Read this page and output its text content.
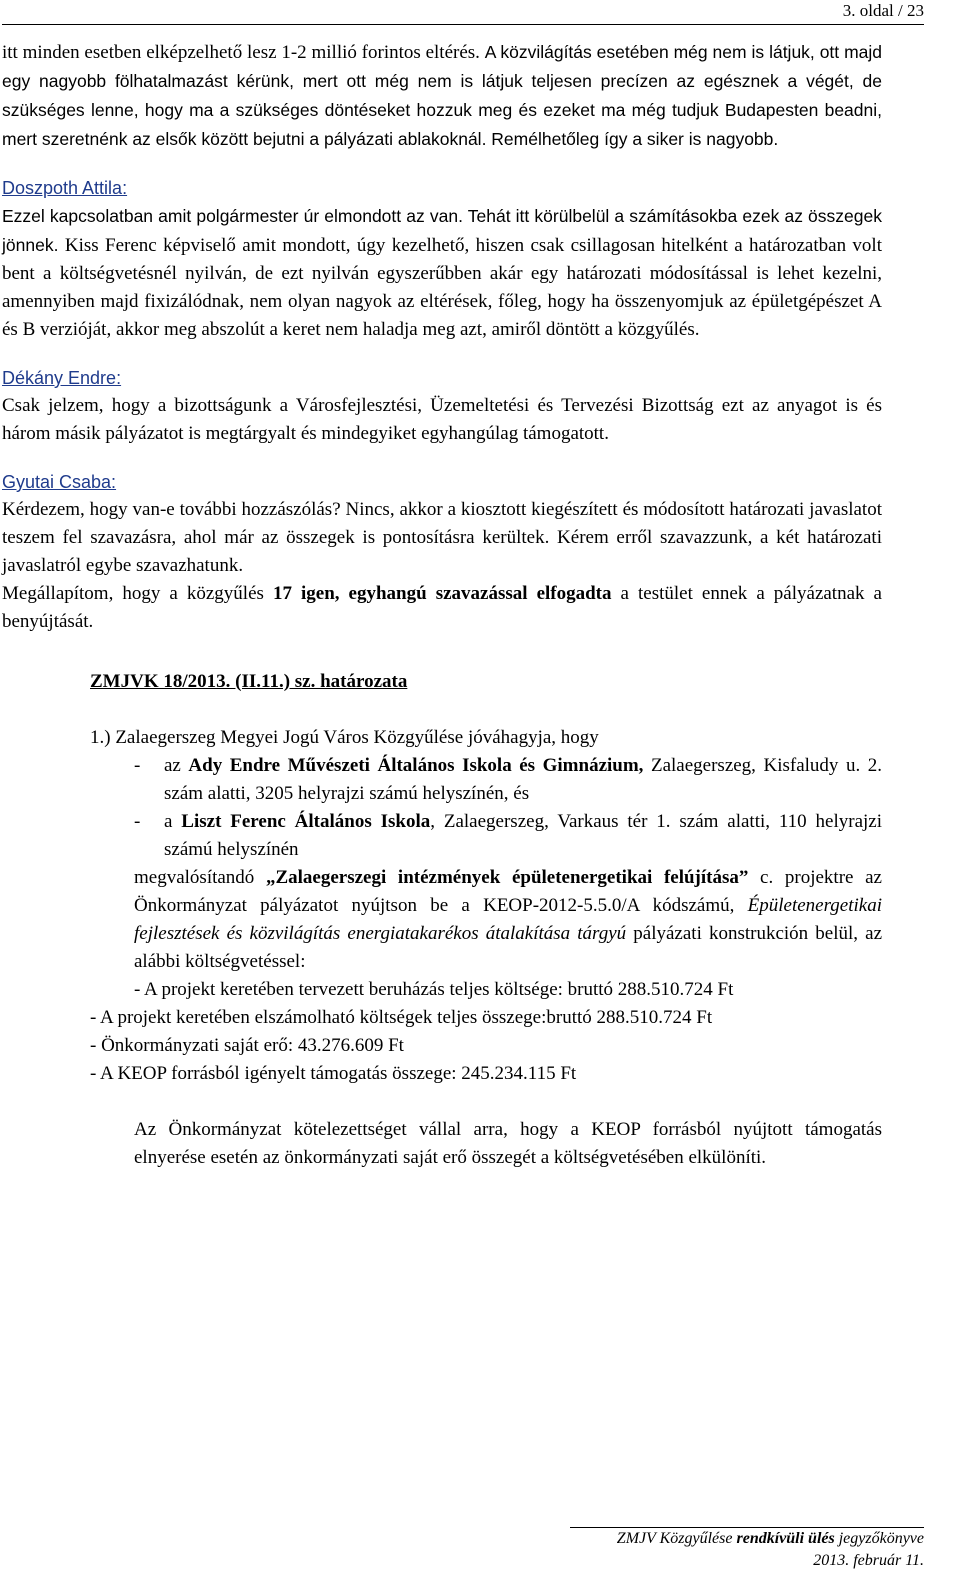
3. oldal / 23

itt minden esetben elképzelhető lesz 1-2 millió forintos eltérés. A közvilágítás esetében még nem is látjuk, ott majd egy nagyobb fölhatalmazást kérünk, mert ott még nem is látjuk teljesen precízen az egésznek a végét, de szükséges lenne, hogy ma a szükséges döntéseket hozzuk meg és ezeket ma még tudjuk Budapesten beadni, mert szeretnénk az elsők között bejutni a pályázati ablakoknál. Remélhetőleg így a siker is nagyobb.

Doszpoth Attila:

Ezzel kapcsolatban amit polgármester úr elmondott az van. Tehát itt körülbelül a számításokba ezek az összegek jönnek. Kiss Ferenc képviselő amit mondott, úgy kezelhető, hiszen csak csillagosan hitelként a határozatban volt bent a költségvetésnél nyilván, de ezt nyilván egyszerűbben akár egy határozati módosítással is lehet kezelni, amennyiben majd fixizálódnak, nem olyan nagyok az eltérések, főleg, hogy ha összenyomjuk az épületgépészet A és B verzióját, akkor meg abszolút a keret nem haladja meg azt, amiről döntött a közgyűlés.

Dékány Endre:

Csak jelzem, hogy a bizottságunk a Városfejlesztési, Üzemeltetési és Tervezési Bizottság ezt az anyagot is és három másik pályázatot is megtárgyalt és mindegyiket egyhangúlag támogatott.

Gyutai Csaba:

Kérdezem, hogy van-e további hozzászólás? Nincs, akkor a kiosztott kiegészített és módosított határozati javaslatot teszem fel szavazásra, ahol már az összegek is pontosításra kerültek. Kérem erről szavazzunk, a két határozati javaslatról egybe szavazhatunk.

Megállapítom, hogy a közgyűlés 17 igen, egyhangú szavazással elfogadta a testület ennek a pályázatnak a benyújtását.

ZMJVK 18/2013. (II.11.) sz. határozata

1.) Zalaegerszeg Megyei Jogú Város Közgyűlése jóváhagyja, hogy

-	az Ady Endre Művészeti Általános Iskola és Gimnázium, Zalaegerszeg, Kisfaludy u. 2. szám alatti, 3205 helyrajzi számú helyszínén, és
-	a Liszt Ferenc Általános Iskola, Zalaegerszeg, Varkaus tér 1. szám alatti, 110 helyrajzi számú helyszínén

megvalósítandó „Zalaegerszegi intézmények épületenergetikai felújítása” c. projektre az Önkormányzat pályázatot nyújtson be a KEOP-2012-5.5.0/A kódszámú, Épületenergetikai fejlesztések és közvilágítás energiatakarékos átalakítása tárgyú pályázati konstrukción belül, az alábbi költségvetéssel:

- A projekt keretében tervezett beruházás teljes költsége: bruttó 288.510.724 Ft

- A projekt keretében elszámolható költségek teljes összege:bruttó 288.510.724 Ft

- Önkormányzati saját erő: 43.276.609 Ft

- A KEOP forrásból igényelt támogatás összege: 245.234.115 Ft

Az Önkormányzat kötelezettséget vállal arra, hogy a KEOP forrásból nyújtott támogatás elnyerése esetén az önkormányzati saját erő összegét a költségvetésében elkülöníti.

ZMJV Közgyűlése rendkívüli ülés jegyzőkönyve
2013. február 11.
